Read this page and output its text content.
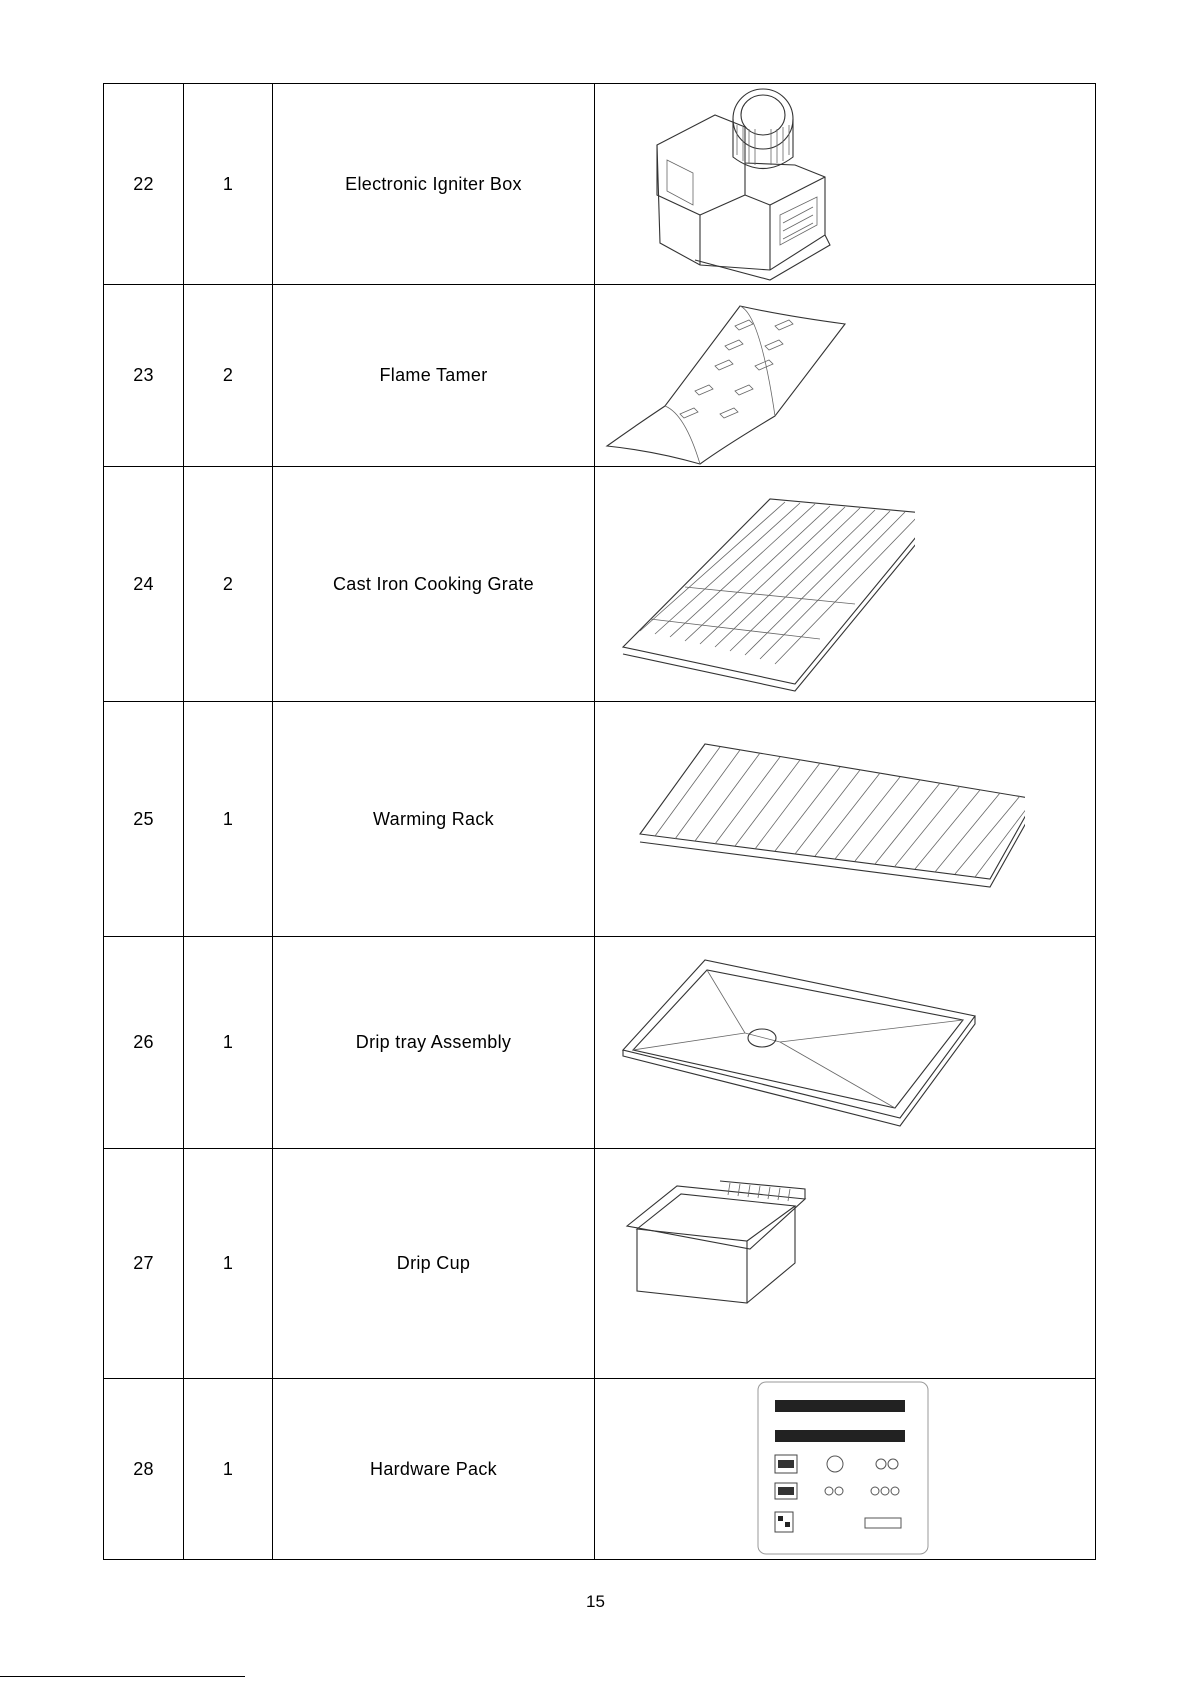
22	1	Electronic Igniter Box	

23	2	Flame Tamer	

24	2	Cast Iron Cooking Grate	

25	1	Warming Rack	

26	1	Drip tray Assembly	

27	1	Drip Cup	

28	1	Hardware Pack	
15
